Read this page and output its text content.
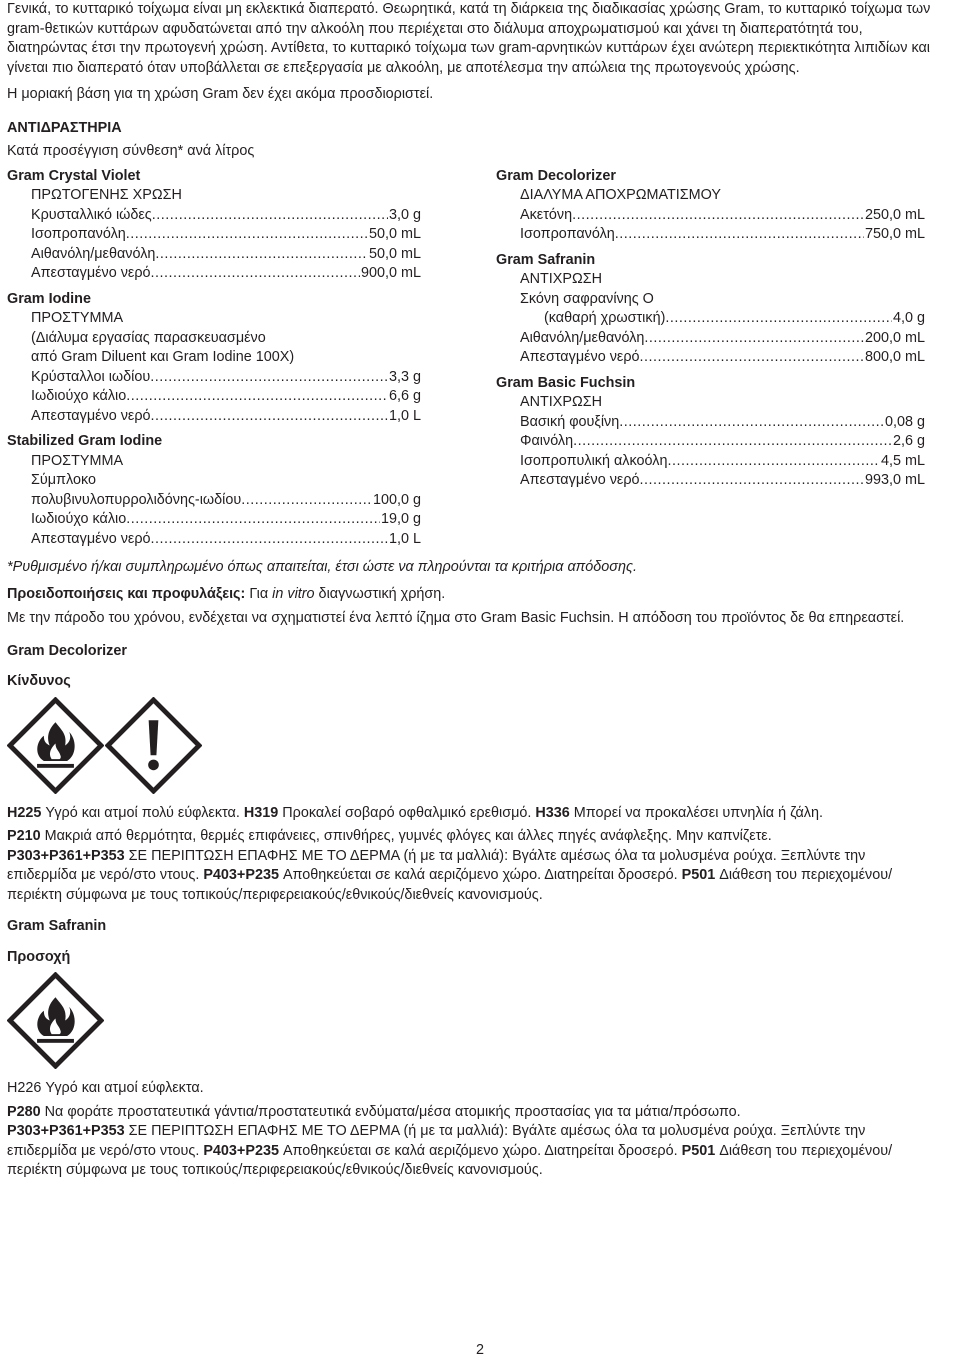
Γενικά, το κυτταρικό τοίχωμα είναι μη εκλεκτικά διαπερατό. Θεωρητικά, κατά τη διάρκεια της διαδικασίας χρώσης Gram, το κυτταρικό τοίχωμα των gram-θετικών κυττάρων αφυδατώνεται από την αλκοόλη που περιέχεται στο διάλυμα αποχρωματισμού και χάνει τη διαπερατότητά του, διατηρώντας έτσι την πρωτογενή χρώση. Αντίθετα, το κυτταρικό τοίχωμα των gram-αρνητικών κυττάρων έχει ανώτερη περιεκτικότητα λιπιδίων και γίνεται πιο διαπερατό όταν υποβάλλεται σε επεξεργασία με αλκοόλη, με αποτέλεσμα την απώλεια της πρωτογενούς χρώσης.

Η μοριακή βάση για τη χρώση Gram δεν έχει ακόμα προσδιοριστεί.

ΑΝΤΙΔΡΑΣΤΗΡΙΑ

Κατά προσέγγιση σύνθεση* ανά λίτρος

Gram Crystal Violet
ΠΡΩΤΟΓΕΝΗΣ ΧΡΩΣΗ
Κρυσταλλικό ιώδες .....	3,0 g
Ισοπροπανόλη .....	50,0 mL
Αιθανόλη/μεθανόλη .....	50,0 mL
Απεσταγμένο νερό .....	900,0 mL
Gram Iodine
ΠΡΟΣΤΥΜΜΑ
(Διάλυμα εργασίας παρασκευασμένο
από Gram Diluent και Gram Iodine 100X)
Κρύσταλλοι ιωδίου .....	3,3 g
Ιωδιούχο κάλιο .....	6,6 g
Απεσταγμένο νερό .....	1,0 L
Stabilized Gram Iodine
ΠΡΟΣΤΥΜΜΑ
Σύμπλοκο
πολυβινυλοπυρρολιδόνης-ιωδίου .....	100,0 g
Ιωδιούχο κάλιο .....	19,0 g
Απεσταγμένο νερό .....	1,0 L
Gram Decolorizer
ΔΙΑΛΥΜΑ ΑΠΟΧΡΩΜΑΤΙΣΜΟΥ
Ακετόνη .....	250,0 mL
Ισοπροπανόλη .....	750,0 mL
Gram Safranin
ΑΝΤΙΧΡΩΣΗ
Σκόνη σαφρανίνης Ο
(καθαρή χρωστική) .....	4,0 g
Αιθανόλη/μεθανόλη .....	200,0 mL
Απεσταγμένο νερό .....	800,0 mL
Gram Basic Fuchsin
ΑΝΤΙΧΡΩΣΗ
Βασική φουξίνη .....	0,08 g
Φαινόλη .....	2,6 g
Ισοπροπυλική αλκοόλη .....	4,5 mL
Απεσταγμένο νερό .....	993,0 mL

*Ρυθμισμένο ή/και συμπληρωμένο όπως απαιτείται, έτσι ώστε να πληρούνται τα κριτήρια απόδοσης.

Προειδοποιήσεις και προφυλάξεις: Για in vitro διαγνωστική χρήση.

Με την πάροδο του χρόνου, ενδέχεται να σχηματιστεί ένα λεπτό ίζημα στο Gram Basic Fuchsin. Η απόδοση του προϊόντος δε θα επηρεαστεί.

Gram Decolorizer

Κίνδυνος

H225 Υγρό και ατμοί πολύ εύφλεκτα. H319 Προκαλεί σοβαρό οφθαλμικό ερεθισμό. H336 Μπορεί να προκαλέσει υπνηλία ή ζάλη.

P210 Μακριά από θερμότητα, θερμές επιφάνειες, σπινθήρες, γυμνές φλόγες και άλλες πηγές ανάφλεξης. Μην καπνίζετε.

P303+P361+P353 ΣΕ ΠΕΡΙΠΤΩΣΗ ΕΠΑΦΗΣ ΜΕ ΤΟ ΔΕΡΜΑ (ή με τα μαλλιά): Βγάλτε αμέσως όλα τα μολυσμένα ρούχα. Ξεπλύντε την επιδερμίδα με νερό/στο ντους. P403+P235 Αποθηκεύεται σε καλά αεριζόμενο χώρο. Διατηρείται δροσερό. P501 Διάθεση του περιεχομένου/περιέκτη σύμφωνα με τους τοπικούς/περιφερειακούς/εθνικούς/διεθνείς κανονισμούς.

Gram Safranin

Προσοχή

H226 Υγρό και ατμοί εύφλεκτα.

P280 Να φοράτε προστατευτικά γάντια/προστατευτικά ενδύματα/μέσα ατομικής προστασίας για τα μάτια/πρόσωπο.

P303+P361+P353 ΣΕ ΠΕΡΙΠΤΩΣΗ ΕΠΑΦΗΣ ΜΕ ΤΟ ΔΕΡΜΑ (ή με τα μαλλιά): Βγάλτε αμέσως όλα τα μολυσμένα ρούχα. Ξεπλύντε την επιδερμίδα με νερό/στο ντους. P403+P235 Αποθηκεύεται σε καλά αεριζόμενο χώρο. Διατηρείται δροσερό. P501 Διάθεση του περιεχομένου/περιέκτη σύμφωνα με τους τοπικούς/περιφερειακούς/εθνικούς/διεθνείς κανονισμούς.

2
